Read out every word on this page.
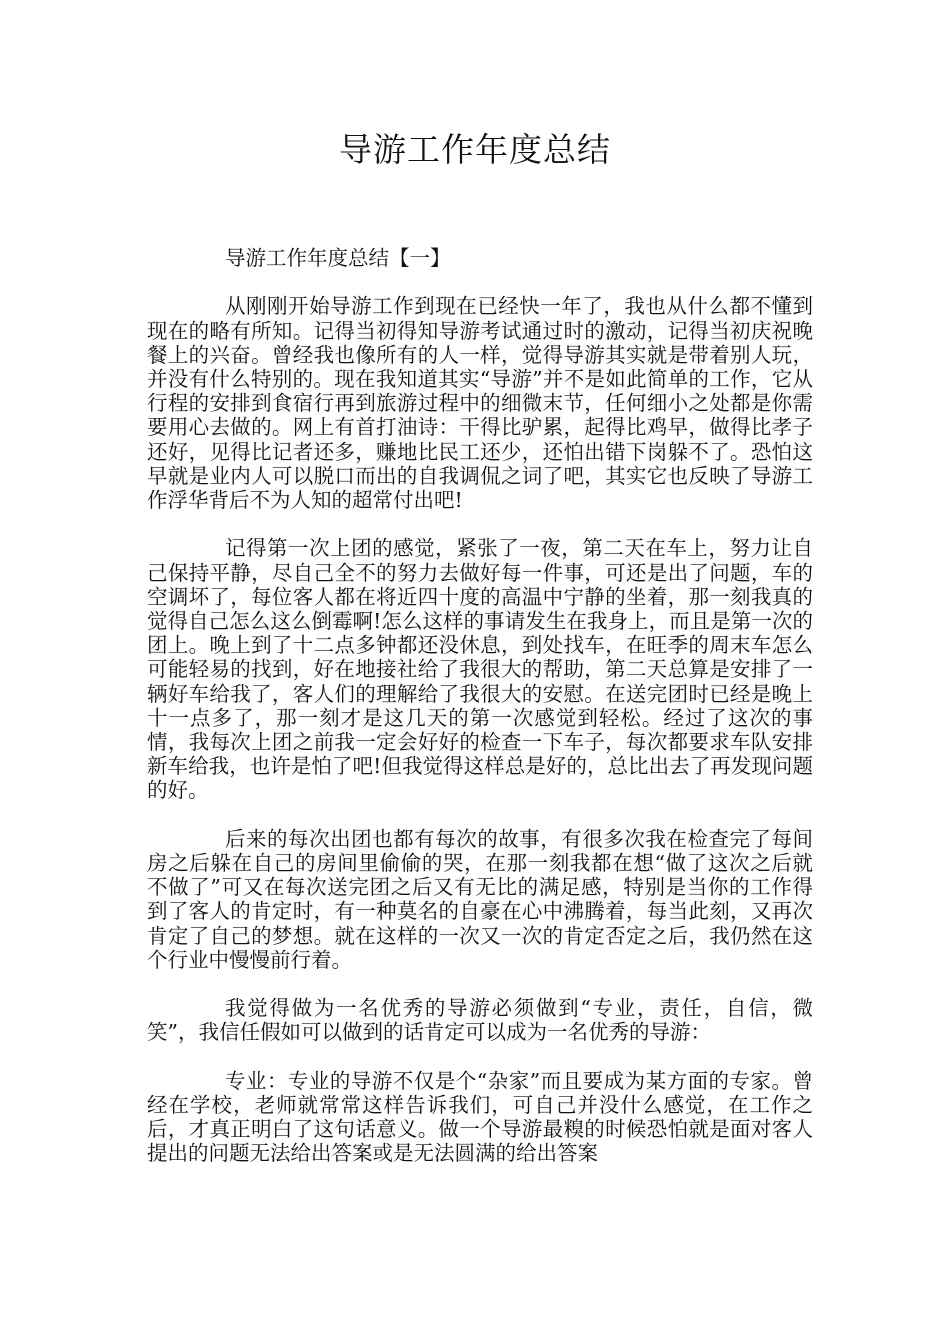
导游工作年度总结

导游工作年度总结【一】

从刚刚开始导游工作到现在已经快一年了，我也从什么都不懂到现在的略有所知。记得当初得知导游考试通过时的激动，记得当初庆祝晚餐上的兴奋。曾经我也像所有的人一样，觉得导游其实就是带着别人玩，并没有什么特别的。现在我知道其实“导游”并不是如此简单的工作，它从行程的安排到食宿行再到旅游过程中的细微末节，任何细小之处都是你需要用心去做的。网上有首打油诗：干得比驴累，起得比鸡早，做得比孝子还好，见得比记者还多，赚地比民工还少，还怕出错下岗躲不了。恐怕这早就是业内人可以脱口而出的自我调侃之词了吧，其实它也反映了导游工作浮华背后不为人知的超常付出吧!

记得第一次上团的感觉，紧张了一夜，第二天在车上，努力让自己保持平静，尽自己全不的努力去做好每一件事，可还是出了问题，车的空调坏了，每位客人都在将近四十度的高温中宁静的坐着，那一刻我真的觉得自己怎么这么倒霉啊!怎么这样的事请发生在我身上，而且是第一次的团上。晚上到了十二点多钟都还没休息，到处找车，在旺季的周末车怎么可能轻易的找到，好在地接社给了我很大的帮助，第二天总算是安排了一辆好车给我了，客人们的理解给了我很大的安慰。在送完团时已经是晚上十一点多了，那一刻才是这几天的第一次感觉到轻松。经过了这次的事情，我每次上团之前我一定会好好的检查一下车子，每次都要求车队安排新车给我，也许是怕了吧!但我觉得这样总是好的，总比出去了再发现问题的好。

后来的每次出团也都有每次的故事，有很多次我在检查完了每间房之后躲在自己的房间里偷偷的哭，在那一刻我都在想“做了这次之后就不做了”可又在每次送完团之后又有无比的满足感，特别是当你的工作得到了客人的肯定时，有一种莫名的自豪在心中沸腾着，每当此刻，又再次肯定了自己的梦想。就在这样的一次又一次的肯定否定之后，我仍然在这个行业中慢慢前行着。

我觉得做为一名优秀的导游必须做到“专业，责任，自信，微笑”，我信任假如可以做到的话肯定可以成为一名优秀的导游：

专业：专业的导游不仅是个“杂家”而且要成为某方面的专家。曾经在学校，老师就常常这样告诉我们，可自己并没什么感觉，在工作之后，才真正明白了这句话意义。做一个导游最糗的时候恐怕就是面对客人提出的问题无法给出答案或是无法圆满的给出答案
